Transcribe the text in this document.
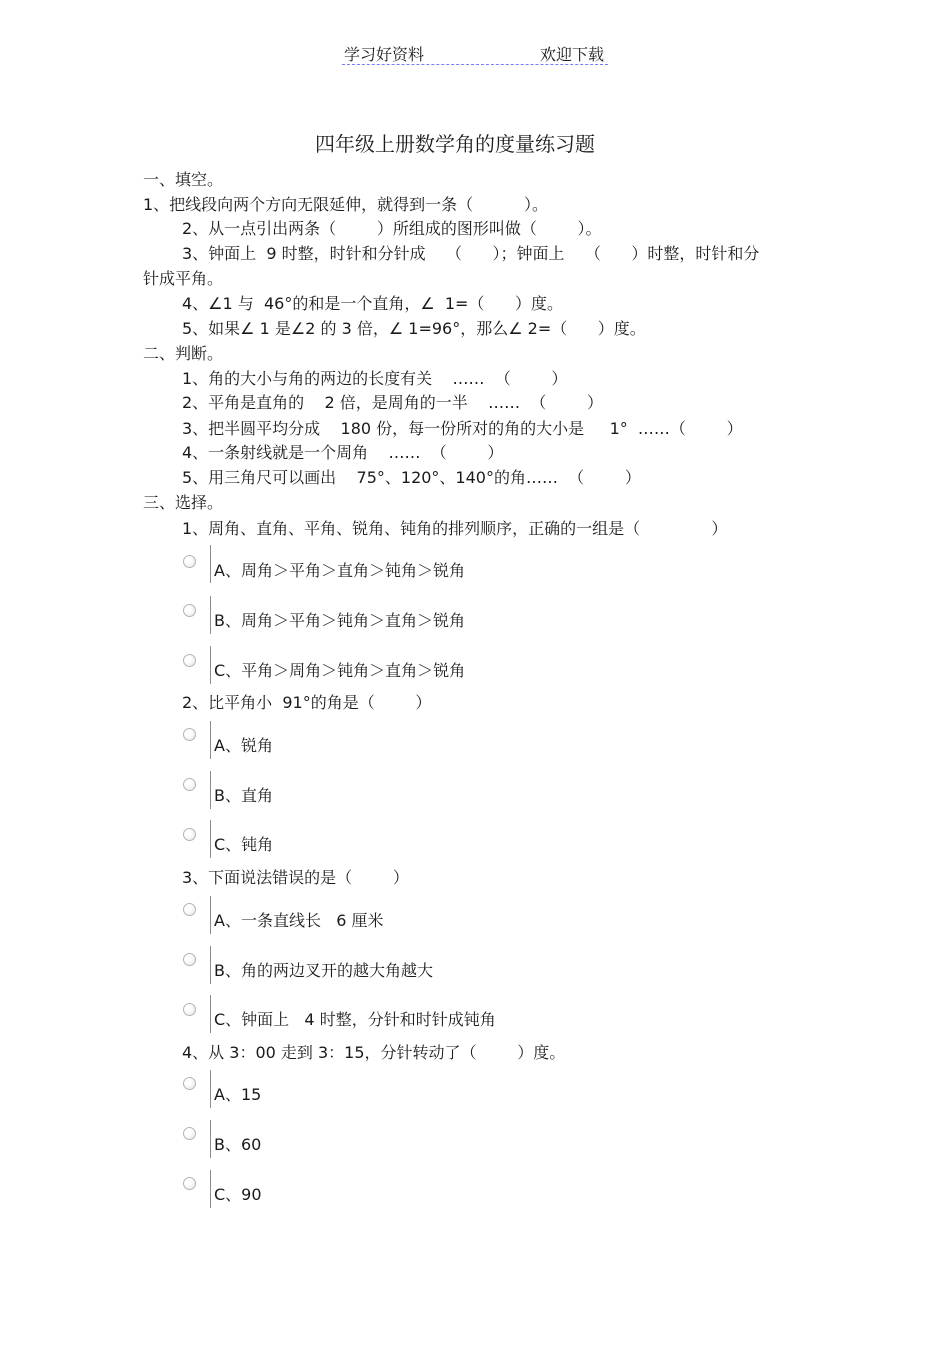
学习好资料	欢迎下载
四年级上册数学角的度量练习题
一、填空。
1、把线段向两个方向无限延伸，就得到一条（          ）。
2、从一点引出两条（        ）所组成的图形叫做（        ）。
3、钟面上  9 时整，时针和分针成    （      ）；钟面上    （      ）时整，时针和分
针成平角。
4、∠1 与  46°的和是一个直角，∠  1=（      ）度。
5、如果∠ 1 是∠2 的 3 倍，∠ 1=96°，那么∠ 2=（      ）度。
二、判断。
1、角的大小与角的两边的长度有关    ……  （        ）
2、平角是直角的    2 倍，是周角的一半    ……  （        ）
3、把半圆平均分成    180 份，每一份所对的角的大小是     1°  ……（        ）
4、一条射线就是一个周角    ……  （        ）
5、用三角尺可以画出    75°、120°、140°的角……  （        ）
三、选择。
1、周角、直角、平角、锐角、钝角的排列顺序，正确的一组是（              ）
A、周角＞平角＞直角＞钝角＞锐角
B、周角＞平角＞钝角＞直角＞锐角
C、平角＞周角＞钝角＞直角＞锐角
2、比平角小  91°的角是（        ）
A、锐角
B、直角
C、钝角
3、下面说法错误的是（        ）
A、一条直线长   6 厘米
B、角的两边叉开的越大角越大
C、钟面上   4 时整，分针和时针成钝角
4、从 3：00 走到 3：15，分针转动了（        ）度。
A、15
B、60
C、90
